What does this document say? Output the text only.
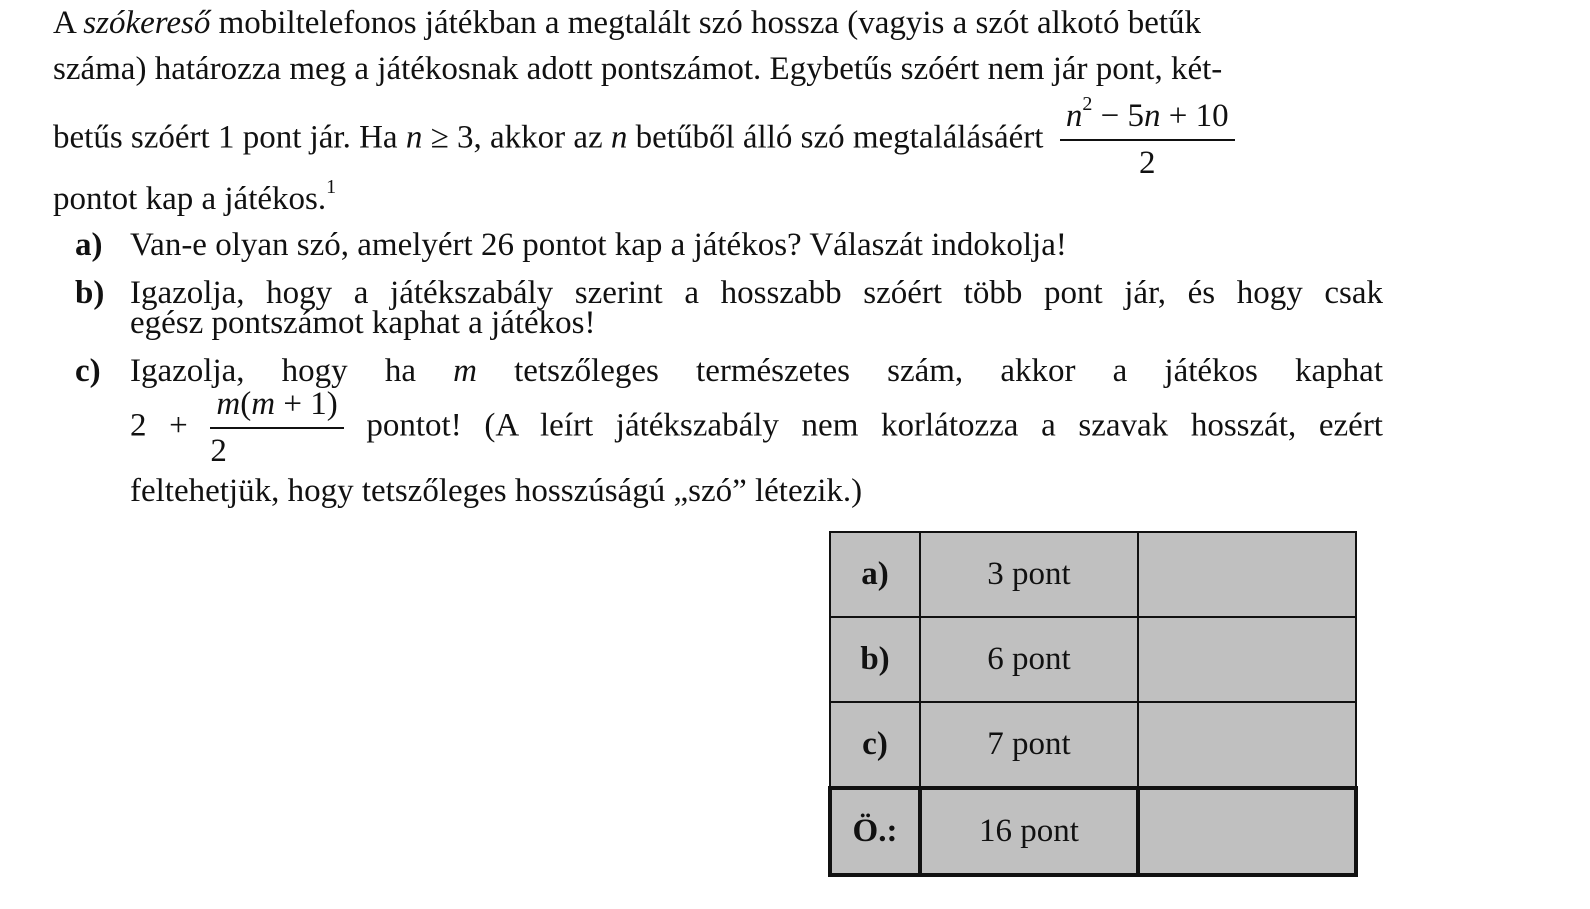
A szókereső mobiltelefonos játékban a megtalált szó hossza (vagyis a szót alkotó betűk
száma) határozza meg a játékosnak adott pontszámot. Egybetűs szóért nem jár pont, két-
betűs szóért 1 pont jár. Ha n ≥ 3, akkor az n betűből álló szó megtalálásáért $\frac{n^2 - 5n + 10}{2}$
pontot kap a játékos.$^1$
a) Van-e olyan szó, amelyért 26 pontot kap a játékos? Válaszát indokolja!
b) Igazolja, hogy a játékszabály szerint a hosszabb szóért több pont jár, és hogy csak
egész pontszámot kaphat a játékos!
c) Igazolja, hogy ha m tetszőleges természetes szám, akkor a játékos kaphat
$2 + \frac{m(m + 1)}{2}$ pontot! (A leírt játékszabály nem korlátozza a szavak hosszát, ezért
feltehetjük, hogy tetszőleges hosszúságú „szó” létezik.)
a)	3 pont	
b)	6 pont	
c)	7 pont	
Ö.:	16 pont	
